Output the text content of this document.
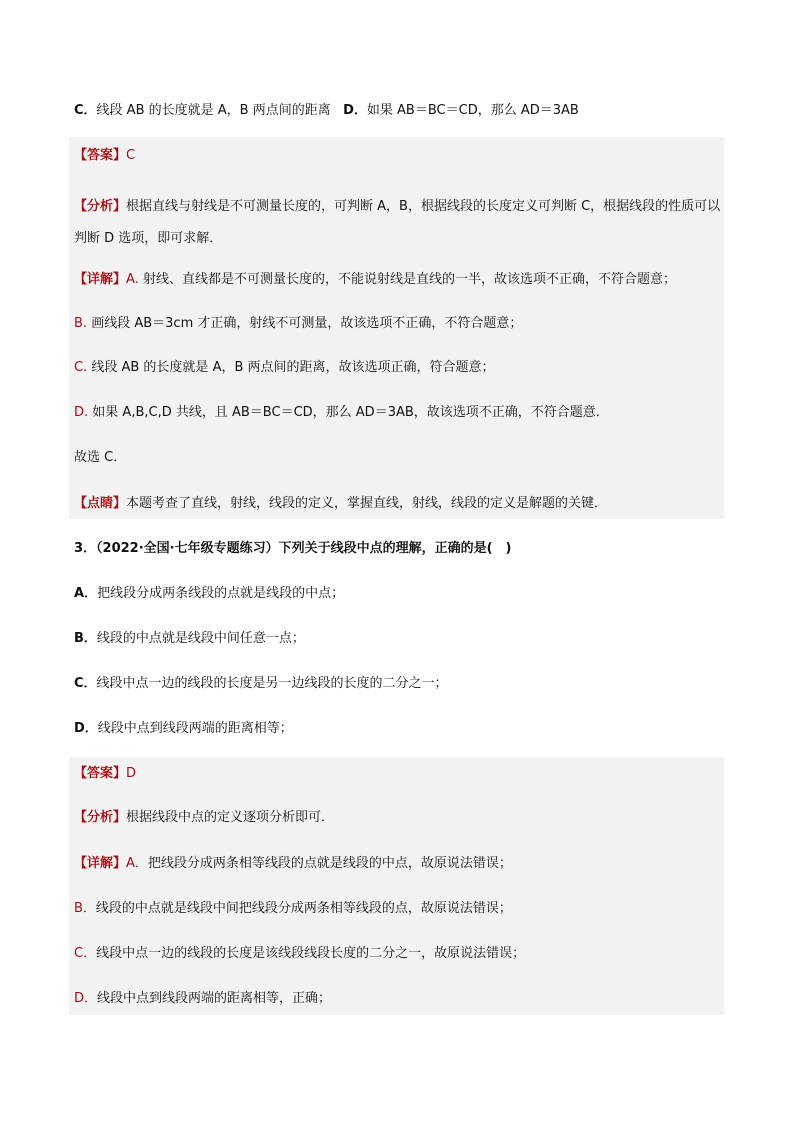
C．线段 AB 的长度就是 A，B 两点间的距离 D．如果 AB＝BC＝CD，那么 AD＝3AB
【答案】C
【分析】根据直线与射线是不可测量长度的，可判断 A，B，根据线段的长度定义可判断 C，根据线段的性质可以判断 D 选项，即可求解．
【详解】A. 射线、直线都是不可测量长度的，不能说射线是直线的一半，故该选项不正确，不符合题意；
B. 画线段 AB＝3cm 才正确，射线不可测量，故该选项不正确，不符合题意；
C. 线段 AB 的长度就是 A，B 两点间的距离，故该选项正确，符合题意；
D. 如果 A,B,C,D 共线，且 AB＝BC＝CD，那么 AD＝3AB，故该选项不正确，不符合题意．
故选 C．
【点睛】本题考查了直线，射线，线段的定义，掌握直线，射线，线段的定义是解题的关键．
3．（2022·全国·七年级专题练习）下列关于线段中点的理解，正确的是(　)
A．把线段分成两条线段的点就是线段的中点；
B．线段的中点就是线段中间任意一点；
C．线段中点一边的线段的长度是另一边线段的长度的二分之一；
D．线段中点到线段两端的距离相等；
【答案】D
【分析】根据线段中点的定义逐项分析即可．
【详解】A．把线段分成两条相等线段的点就是线段的中点，故原说法错误；
B．线段的中点就是线段中间把线段分成两条相等线段的点，故原说法错误；
C．线段中点一边的线段的长度是该线段线段长度的二分之一，故原说法错误；
D．线段中点到线段两端的距离相等，正确；
